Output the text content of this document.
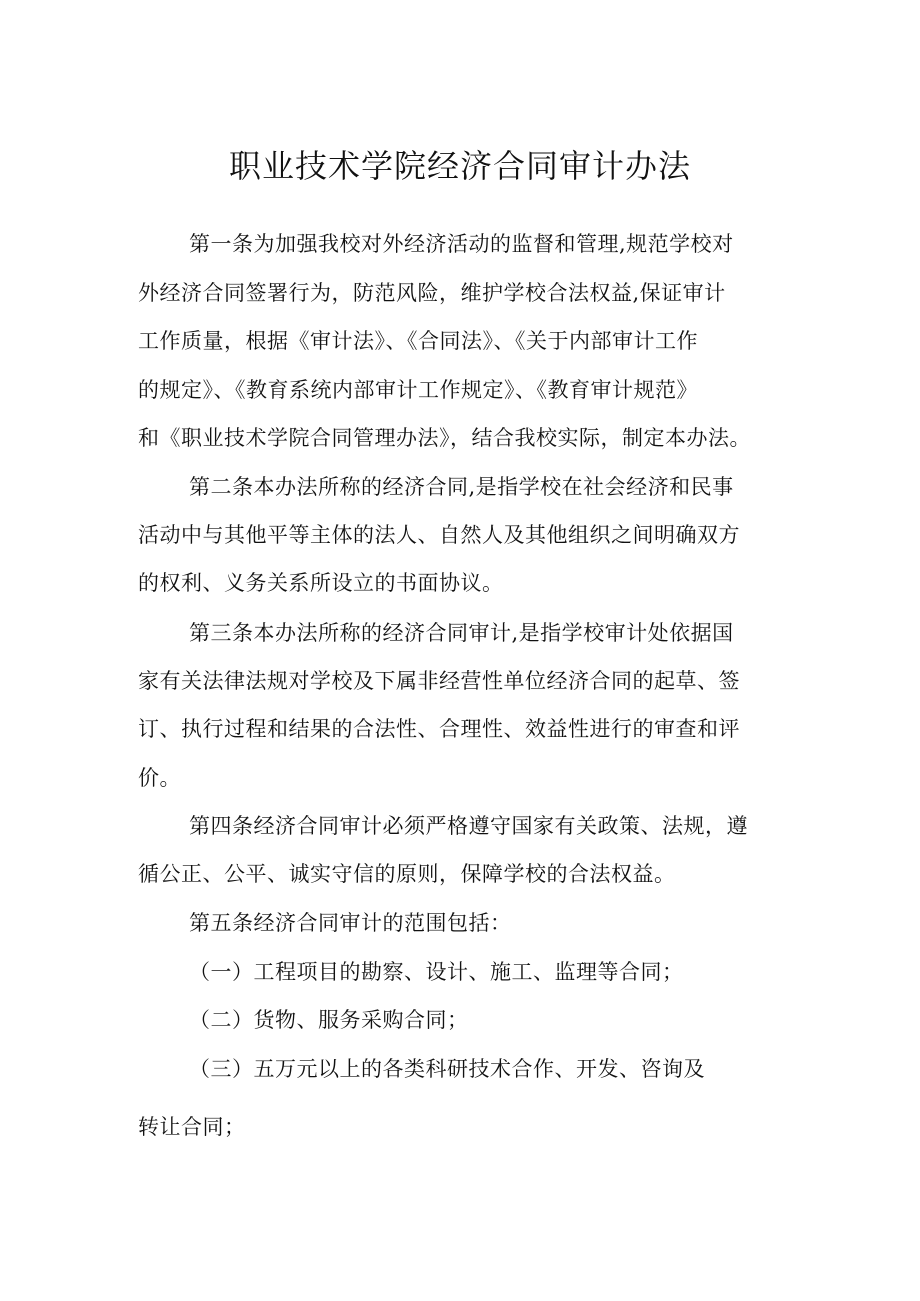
职业技术学院经济合同审计办法
第一条为加强我校对外经济活动的监督和管理,规范学校对
外经济合同签署行为，防范风险，维护学校合法权益,保证审计
工作质量，根据《审计法》、《合同法》、《关于内部审计工作
的规定》、《教育系统内部审计工作规定》、《教育审计规范》
和《职业技术学院合同管理办法》，结合我校实际，制定本办法。
第二条本办法所称的经济合同,是指学校在社会经济和民事
活动中与其他平等主体的法人、自然人及其他组织之间明确双方
的权利、义务关系所设立的书面协议。
第三条本办法所称的经济合同审计,是指学校审计处依据国
家有关法律法规对学校及下属非经营性单位经济合同的起草、签
订、执行过程和结果的合法性、合理性、效益性进行的审查和评
价。
第四条经济合同审计必须严格遵守国家有关政策、法规，遵
循公正、公平、诚实守信的原则，保障学校的合法权益。
第五条经济合同审计的范围包括：
（一）工程项目的勘察、设计、施工、监理等合同；
（二）货物、服务采购合同；
（三）五万元以上的各类科研技术合作、开发、咨询及
转让合同；
